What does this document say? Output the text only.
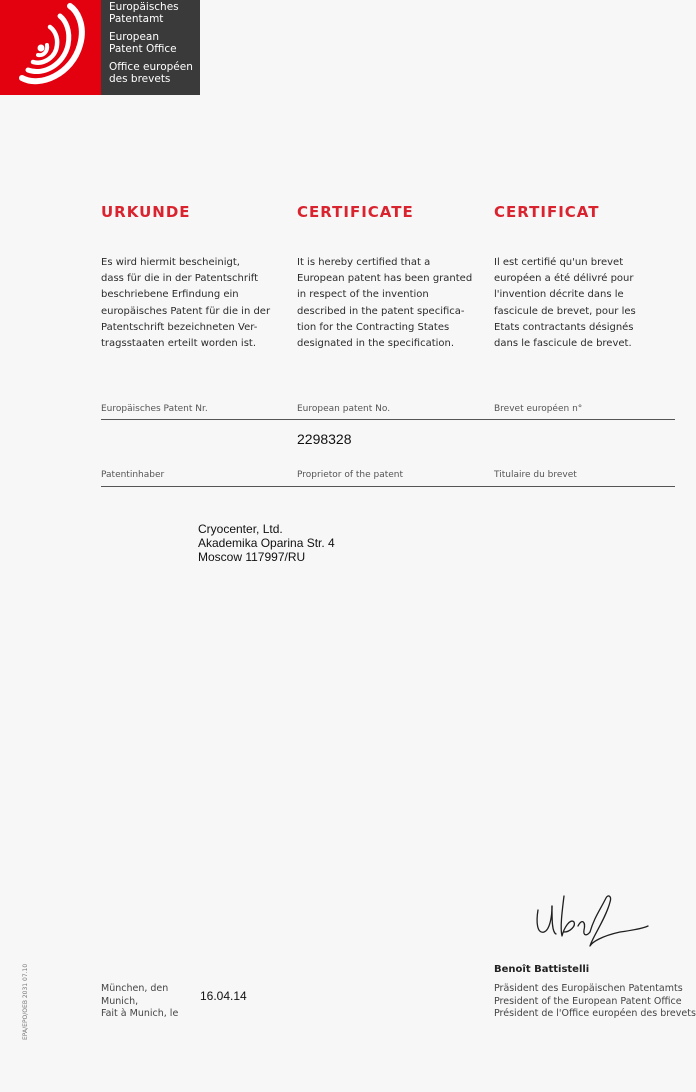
Europäisches
Patentamt
European
Patent Office
Office européen
des brevets
URKUNDE	CERTIFICATE	CERTIFICAT
Es wird hiermit bescheinigt,
dass für die in der Patentschrift
beschriebene Erfindung ein
europäisches Patent für die in der
Patentschrift bezeichneten Ver-
tragsstaaten erteilt worden ist.
It is hereby certified that a
European patent has been granted
in respect of the invention
described in the patent specifica-
tion for the Contracting States
designated in the specification.
Il est certifié qu'un brevet
européen a été délivré pour
l'invention décrite dans le
fascicule de brevet, pour les
Etats contractants désignés
dans le fascicule de brevet.
Europäisches Patent Nr.	European patent No.	Brevet européen n°
2298328
Patentinhaber	Proprietor of the patent	Titulaire du brevet
Cryocenter, Ltd.
Akademika Oparina Str. 4
Moscow 117997/RU
Benoît Battistelli
Präsident des Europäischen Patentamts
President of the European Patent Office
Président de l'Office européen des brevets
München, den
Munich,
Fait à Munich, le
16.04.14
EPA/EPO/OEB 2031 07.10
